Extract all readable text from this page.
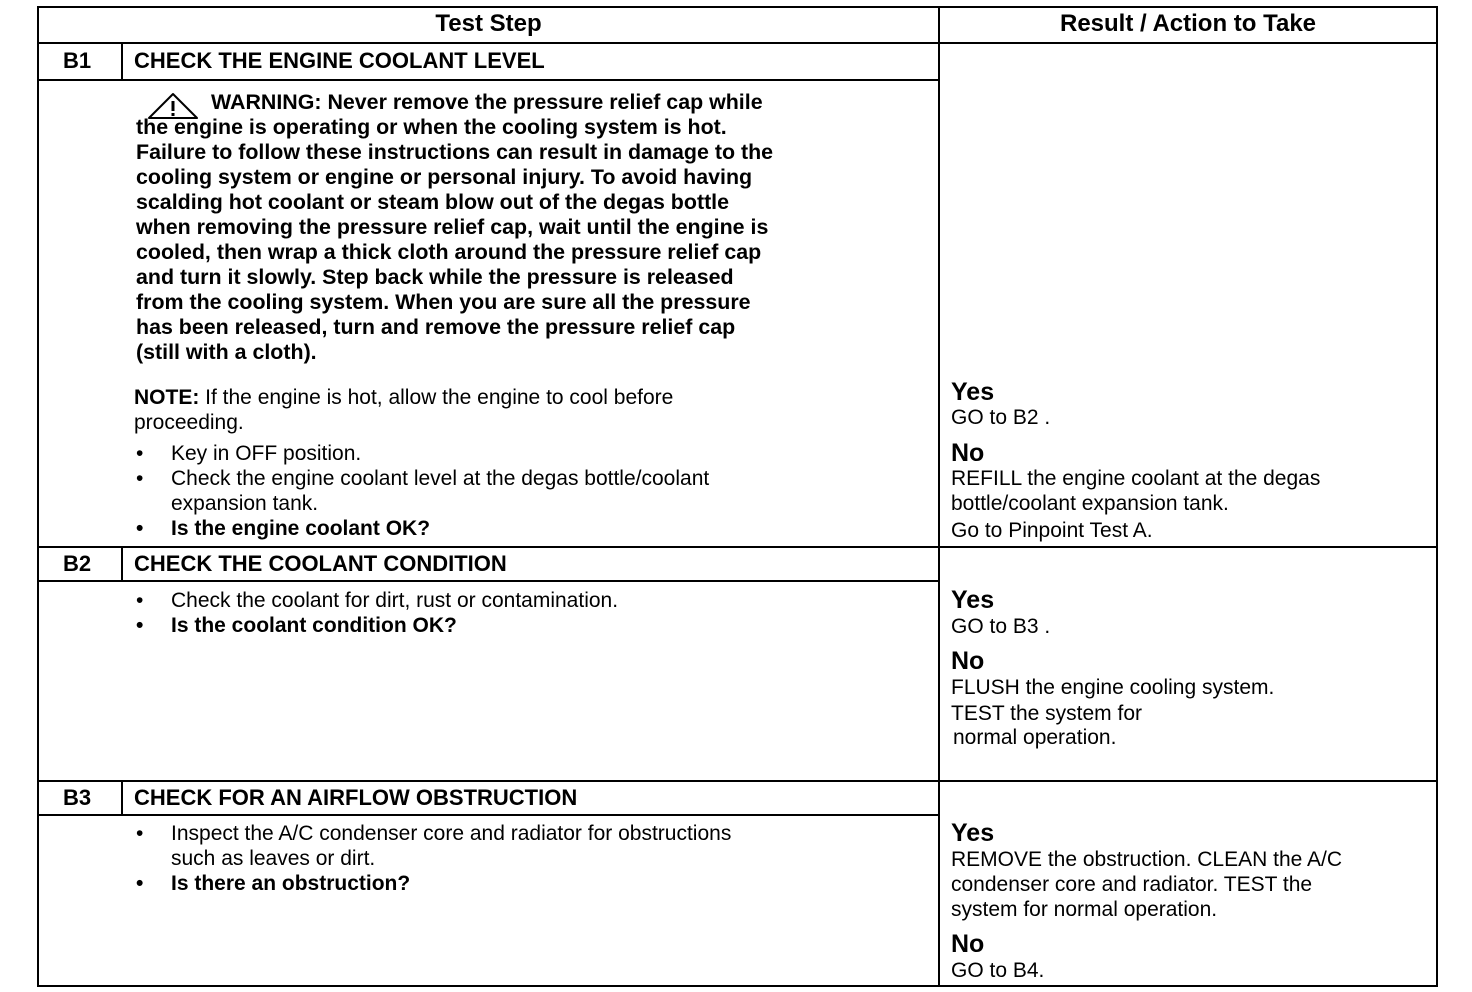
Test Step	Result / Action to Take
B1 CHECK THE ENGINE COOLANT LEVEL
WARNING: Never remove the pressure relief cap while
the engine is operating or when the cooling system is hot.
Failure to follow these instructions can result in damage to the
cooling system or engine or personal injury. To avoid having
scalding hot coolant or steam blow out of the degas bottle
when removing the pressure relief cap, wait until the engine is
cooled, then wrap a thick cloth around the pressure relief cap
and turn it slowly. Step back while the pressure is released
from the cooling system. When you are sure all the pressure
has been released, turn and remove the pressure relief cap
(still with a cloth).
NOTE: If the engine is hot, allow the engine to cool before
proceeding.
• Key in OFF position.
• Check the engine coolant level at the degas bottle/coolant
expansion tank.
• Is the engine coolant OK?
Yes
GO to B2 .
No
REFILL the engine coolant at the degas
bottle/coolant expansion tank.
Go to Pinpoint Test A.
B2 CHECK THE COOLANT CONDITION
• Check the coolant for dirt, rust or contamination.
• Is the coolant condition OK?
Yes
GO to B3 .
No
FLUSH the engine cooling system.
TEST the system for
normal operation.
B3 CHECK FOR AN AIRFLOW OBSTRUCTION
• Inspect the A/C condenser core and radiator for obstructions
such as leaves or dirt.
• Is there an obstruction?
Yes
REMOVE the obstruction. CLEAN the A/C
condenser core and radiator. TEST the
system for normal operation.
No
GO to B4.
